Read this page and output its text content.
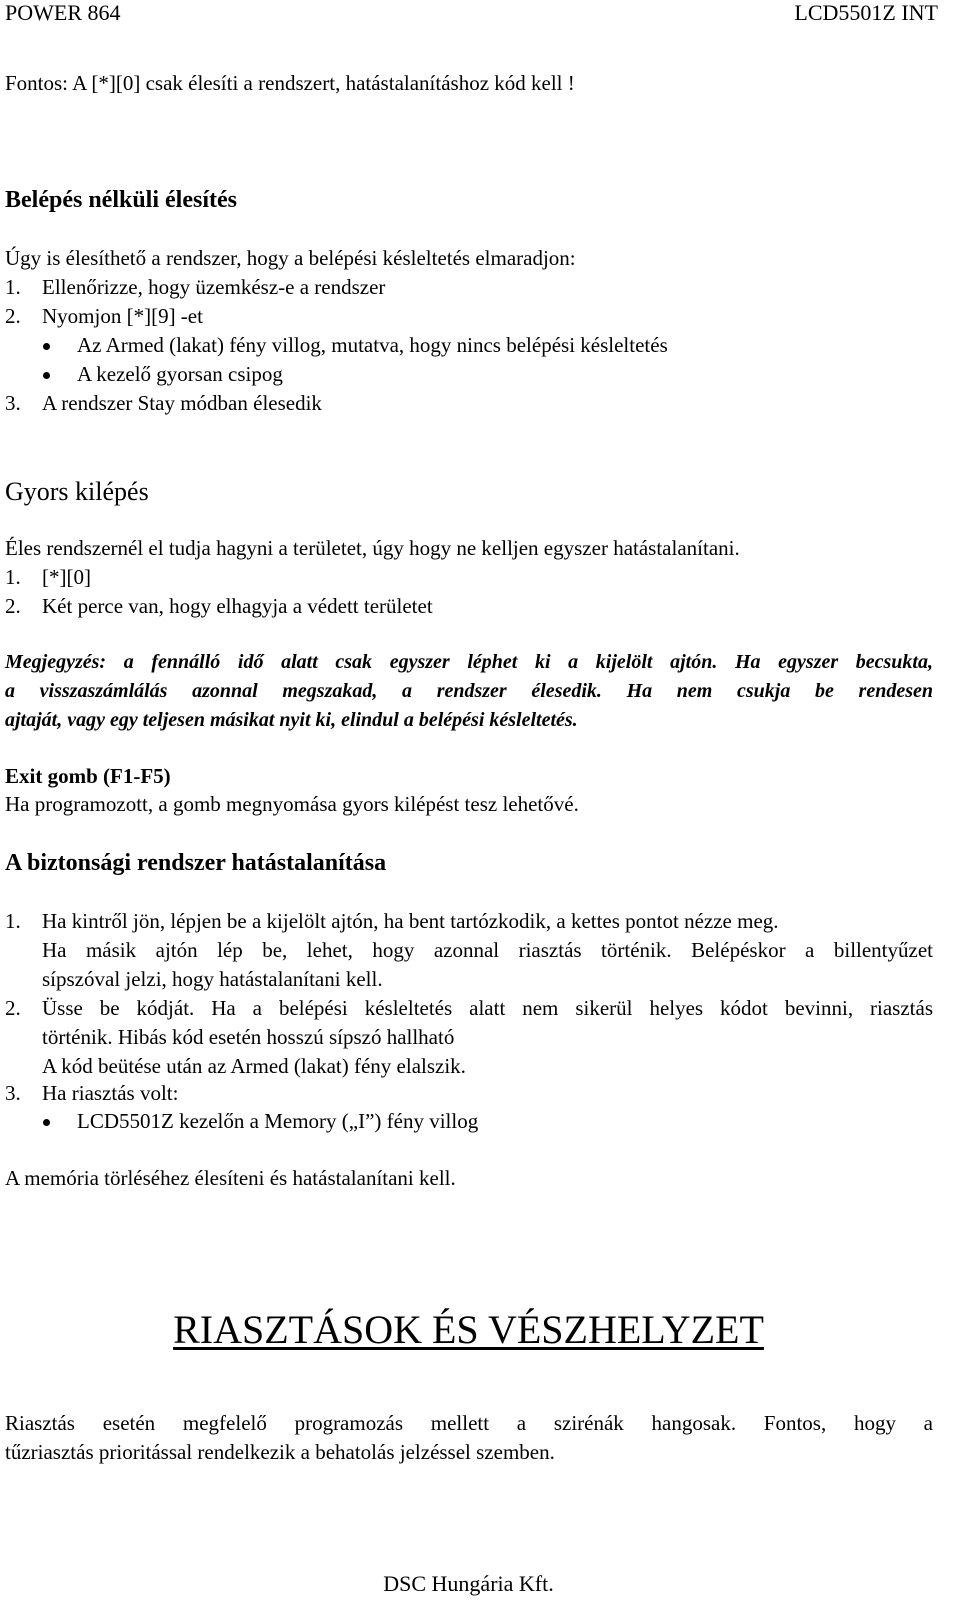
POWER 864	LCD5501Z INT
Fontos: A [*][0] csak élesíti a rendszert, hatástalanításhoz kód kell !
Belépés nélküli élesítés
Úgy is élesíthető a rendszer, hogy a belépési késleltetés elmaradjon:
1. Ellenőrizze, hogy üzemkész-e a rendszer
2. Nyomjon [*][9] -et
Az Armed (lakat) fény villog, mutatva, hogy nincs belépési késleltetés
A kezelő gyorsan csipog
3. A rendszer Stay módban élesedik
Gyors kilépés
Éles rendszernél el tudja hagyni a területet, úgy hogy ne kelljen egyszer hatástalanítani.
1. [*][0]
2. Két perce van, hogy elhagyja a védett területet
Megjegyzés: a fennálló idő alatt csak egyszer léphet ki a kijelölt ajtón. Ha egyszer becsukta,
a visszaszámlálás azonnal megszakad, a rendszer élesedik. Ha nem csukja be rendesen
ajtaját, vagy egy teljesen másikat nyit ki, elindul a belépési késleltetés.
Exit gomb (F1-F5)
Ha programozott, a gomb megnyomása gyors kilépést tesz lehetővé.
A biztonsági rendszer hatástalanítása
1. Ha kintről jön, lépjen be a kijelölt ajtón, ha bent tartózkodik, a kettes pontot nézze meg.
Ha másik ajtón lép be, lehet, hogy azonnal riasztás történik. Belépéskor a billentyűzet
sípszóval jelzi, hogy hatástalanítani kell.
2. Üsse be kódját. Ha a belépési késleltetés alatt nem sikerül helyes kódot bevinni, riasztás
történik. Hibás kód esetén hosszú sípszó hallható
A kód beütése után az Armed (lakat) fény elalszik.
3. Ha riasztás volt:
LCD5501Z kezelőn a Memory („I”) fény villog
A memória törléséhez élesíteni és hatástalanítani kell.
RIASZTÁSOK ÉS VÉSZHELYZET
Riasztás esetén megfelelő programozás mellett a szirénák hangosak. Fontos, hogy a
tűzriasztás prioritással rendelkezik a behatolás jelzéssel szemben.
DSC Hungária Kft.
